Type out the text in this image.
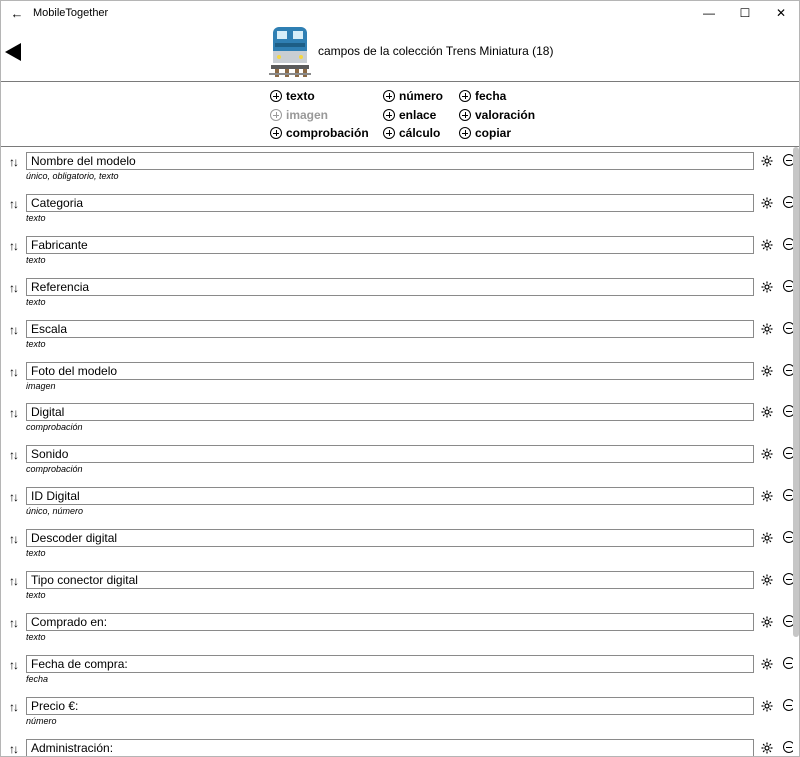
← MobileTogether	—	☐	✕
campos de la colección Trens Miniatura (18)
texto
imagen
comprobación
número
enlace
cálculo
fecha
valoración
copiar
↑↓	Nombre del modelo
único, obligatorio, texto
↑↓	Categoria
texto
↑↓	Fabricante
texto
↑↓	Referencia
texto
↑↓	Escala
texto
↑↓	Foto del modelo
imagen
↑↓	Digital
comprobación
↑↓	Sonido
comprobación
↑↓	ID Digital
único, número
↑↓	Descoder digital
texto
↑↓	Tipo conector digital
texto
↑↓	Comprado en:
texto
↑↓	Fecha de compra:
fecha
↑↓	Precio €:
número
↑↓	Administración:
